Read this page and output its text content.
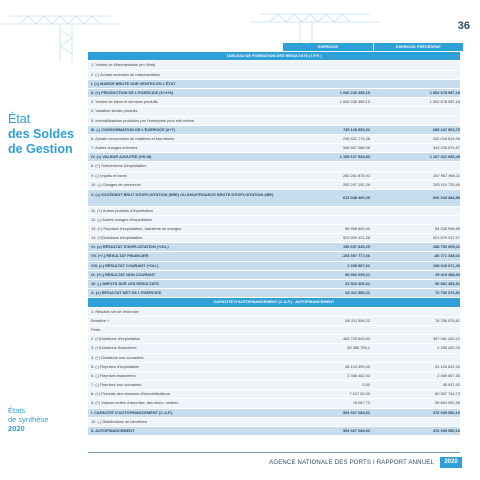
36
État
des Soldes
de Gestion
États
de synthèse
2020
EXERCICE	EXERCICE PRÉCÉDENT
TABLEAU DE FORMATION DES RÉSULTATS (T.F.R )
1. Ventes de Marchandises (en l'état)
2. (-) Achats revendus de marchandises
I. (=) MARGE BRUTE SUR VENTES EN L'ÉTAT
II. (+) PRODUCTION DE L'EXERCICE (3+4+5)	1 940 236 385,15	1 852 678 587,18
3. Ventes de biens et services produits	1 940 236 385,15	1 852 678 587,18
4. Variation stocks produits
5. Immobilisations produites par l'entreprise pour elle-même
III. (-) CONSOMMATION DE L'EXERCICE (6+7)	745 128 853,32	685 247 503,75
6. Achats consommés de matières et fournitures	236 521 774,26	242 018 624,06
7. Autres charges externes	508 607 086,06	443 228 879,67
IV. (=) VALEUR AJOUTÉE (I+II-III)	1 195 107 534,83	1 167 431 083,45
8. (+) Subventions d'exploitation
9. (-) Impôts et taxes	289 261 875,91	267 967 965,11
10. (-) Charges de personnel	292 297 192,29	293 119 733,49
V. (=) EXCÉDENT BRUT D'EXPLOITATION (EBE) OU INSUFFISANCE BRUTE D'EXPLOITATION (IBE)
613 548 466,05	606 343 384,85
11. (+) Autres produits d'exploitation
12. (-) Autres charges d'exploitation
13. (+) Reprises d'exploitation, transferts de charges	65 998 600,40	84 036 596,85
14. (+)Dotations d'exploitation	523 909 421,28	501 579 912,27
VI. (=) RÉSULTAT D'EXPLOITATION (+OU-)	155 637 645,25	188 790 005,41
VII. (+/-) RÉSULTAT FINANCIER	-153 397 777,66	-80 771 338,01
VIII. (=) RÉSULTAT COURANT (+OU-)	2 239 867,62	108 018 671,40
IX. (+/-) RÉSULTAT NON COURANT	96 592 095,21	25 419 388,92
10. (-) IMPOTS SUR LES RÉSULTATS	32 520 406,61	56 681 483,51
X. (=) RÉSULTAT NET DE L'EXERCICE	66 311 556,22	76 756 576,81
CAPACITÉ D'AUTOFINANCEMENT (C.A.F.) - AUTOFINANCEMENT
1. Résultat net de l'exercice
Bénéfice +	66 311 556,22	76 756 576,81
Perte -
2. (+)Dotations d'exploitation	483 703 503,63	457 081 420,21
3. (+)Dotations financières	85 386 759,1	2 265 462,03
4. (+) Dotations non courantes
5. (-) Reprises d'exploitation	46 103 499,40	51 126 812,34
6. (-) Reprises financières	2 365 482,03	2 459 667,35
7. (-) Reprises non courantes	0,00	45 937,92
8. (+) Produits des cessions d'immobilisations	7 917 00,00	60 397 744,73
9. (+) Valeurs nettes d'amortiss. des immo. cédées	78 087,70	59 684 092,35
I. CAPACITÉ D'AUTOFINANCEMENT (C.A.F.)	594 927 084,62	476 905 580,16
10. (-) Distributions de bénéfices
II. AUTOFINANCEMENT	594 927 084,62	476 905 580,16
AGENCE NATIONALE DES PORTS I RAPPORT ANNUEL	2020
